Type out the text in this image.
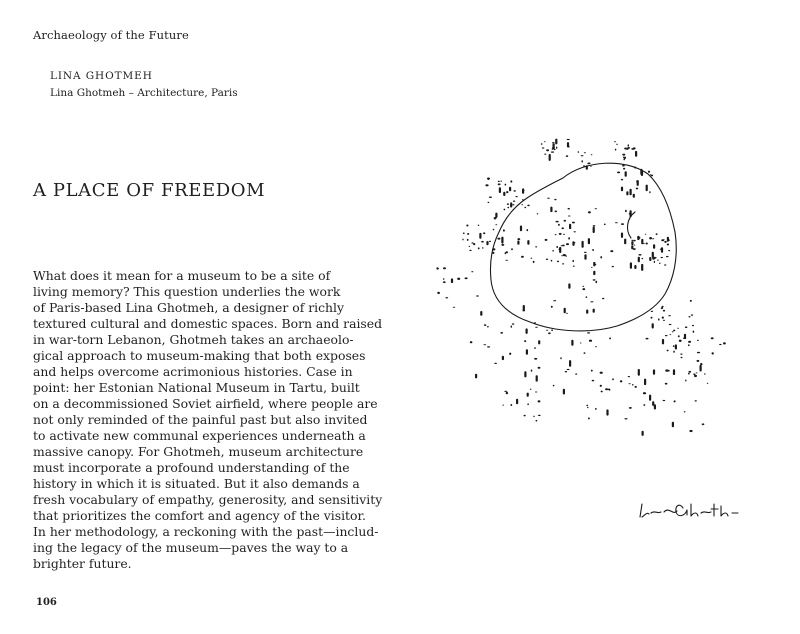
Archaeology of the Future

LINA GHOTMEH

Lina Ghotmeh – Architecture, Paris
A PLACE OF FREEDOM

What does it mean for a museum to be a site of
living memory? This question underlies the work
of Paris-based Lina Ghotmeh, a designer of richly
textured cultural and domestic spaces. Born and raised
in war-torn Lebanon, Ghotmeh takes an archaeolo-
gical approach to museum-making that both exposes
and helps overcome acrimonious histories. Case in
point: her Estonian National Museum in Tartu, built
on a decommissioned Soviet airfield, where people are
not only reminded of the painful past but also invited
to activate new communal experiences underneath a
massive canopy. For Ghotmeh, museum architecture
must incorporate a profound understanding of the
history in which it is situated. But it also demands a
fresh vocabulary of empathy, generosity, and sensitivity
that prioritizes the comfort and agency of the visitor.
In her methodology, a reckoning with the past—includ-
ing the legacy of the museum—paves the way to a
brighter future.

106
